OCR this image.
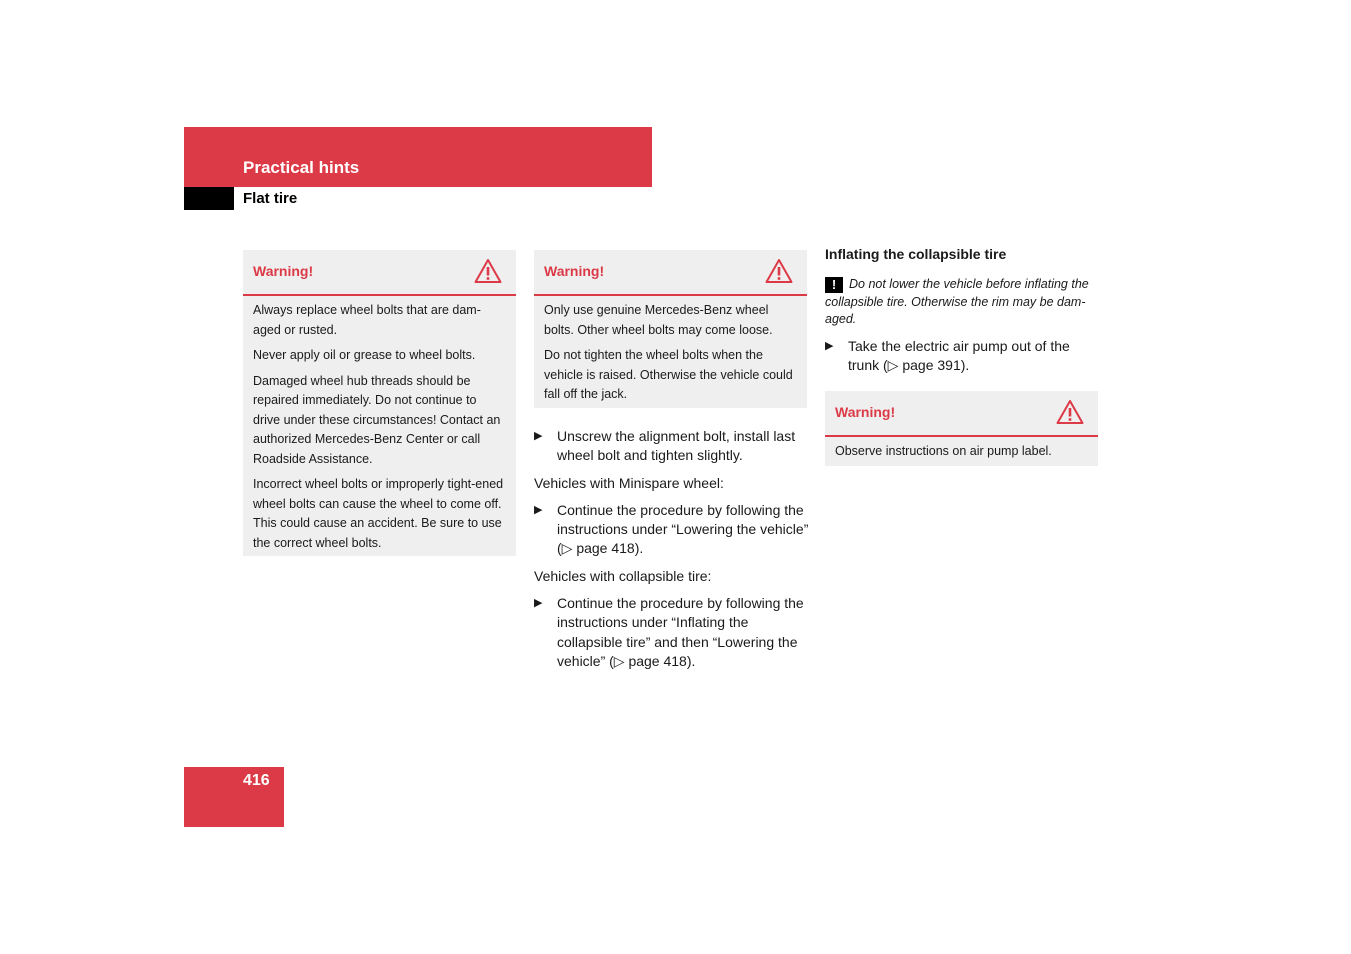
Practical hints
Flat tire
Warning!

Always replace wheel bolts that are dam-aged or rusted.

Never apply oil or grease to wheel bolts.

Damaged wheel hub threads should be repaired immediately. Do not continue to drive under these circumstances! Contact an authorized Mercedes-Benz Center or call Roadside Assistance.

Incorrect wheel bolts or improperly tight-ened wheel bolts can cause the wheel to come off. This could cause an accident. Be sure to use the correct wheel bolts.

Warning!

Only use genuine Mercedes-Benz wheel bolts. Other wheel bolts may come loose.

Do not tighten the wheel bolts when the vehicle is raised. Otherwise the vehicle could fall off the jack.

▶ Unscrew the alignment bolt, install last wheel bolt and tighten slightly.

Vehicles with Minispare wheel:

▶ Continue the procedure by following the instructions under “Lowering the vehicle” (▷ page 418).

Vehicles with collapsible tire:

▶ Continue the procedure by following the instructions under “Inflating the collapsible tire” and then “Lowering the vehicle” (▷ page 418).

Inflating the collapsible tire
! Do not lower the vehicle before inflating the collapsible tire. Otherwise the rim may be dam-aged.
▶ Take the electric air pump out of the trunk (▷ page 391).

Warning!

Observe instructions on air pump label.

416
